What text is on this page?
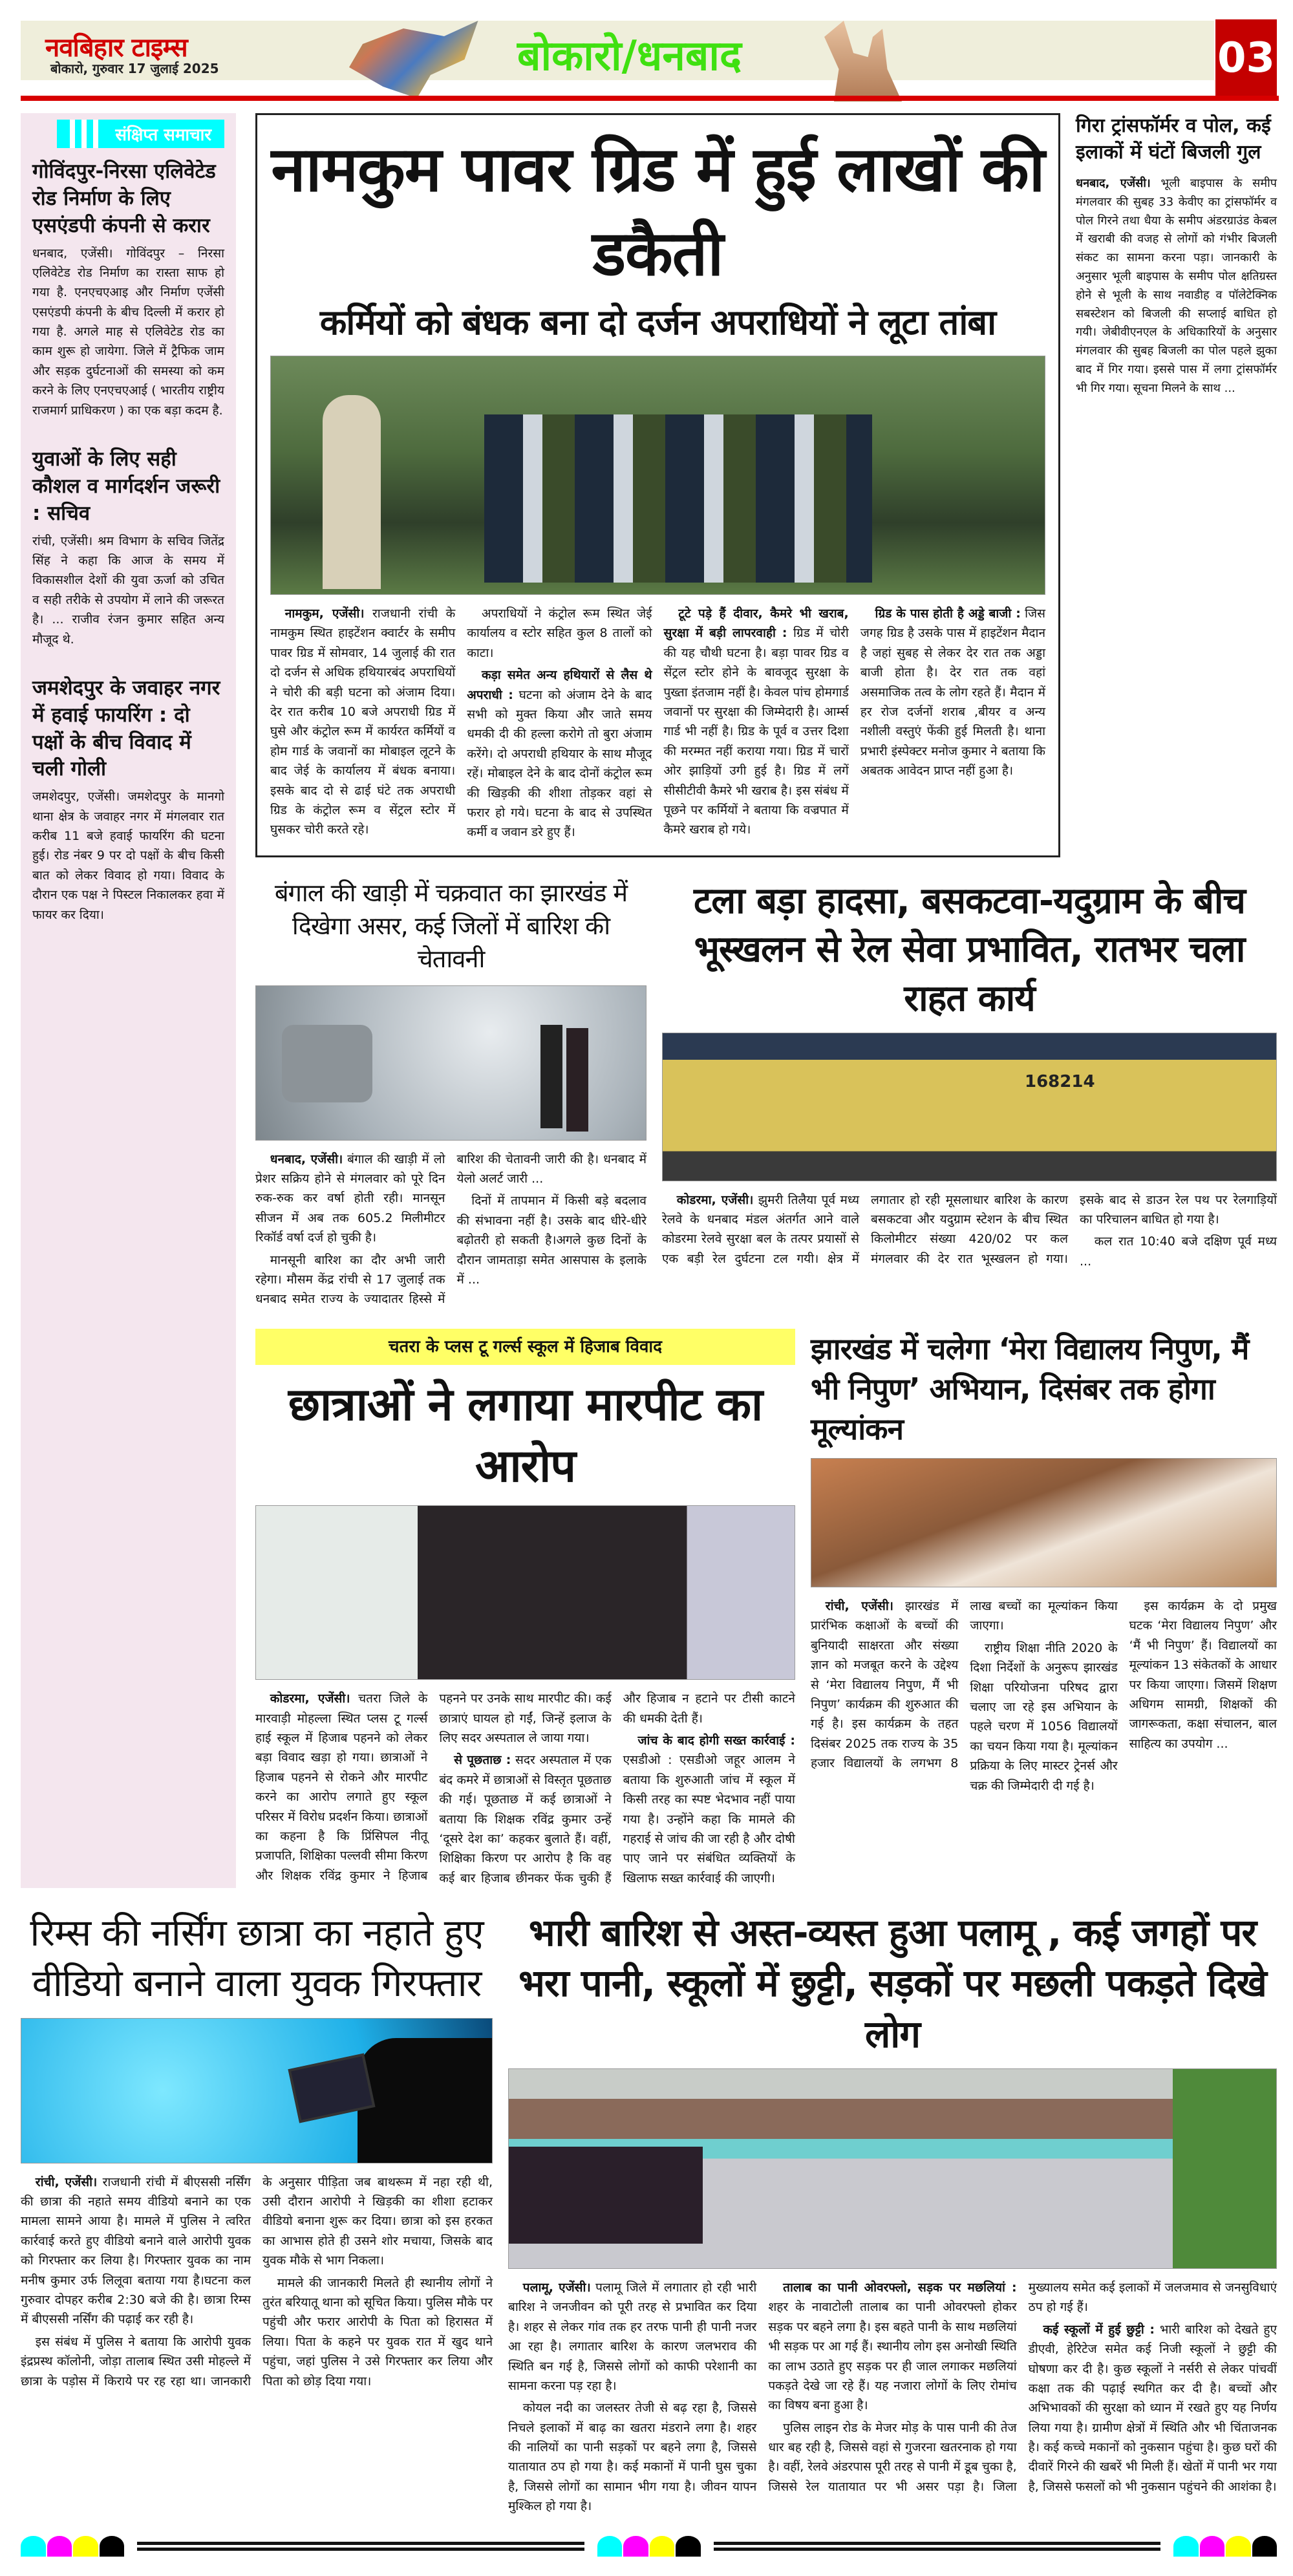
नवबिहार टाइम्स
बोकारो, गुरुवार 17 जुलाई 2025	बोकारो/धनबाद	03
संक्षिप्त समाचार
गोविंदपुर-निरसा एलिवेटेड रोड निर्माण के लिए एसएंडपी कंपनी से करार
धनबाद, एजेंसी। गोविंदपुर – निरसा एलिवेटेड रोड निर्माण का रास्ता साफ हो गया है. एनएचएआइ और निर्माण एजेंसी एसएंडपी कंपनी के बीच दिल्ली में करार हो गया है. अगले माह से एलिवेटेड रोड का काम शुरू हो जायेगा. जिले में ट्रैफिक जाम और सड़क दुर्घटनाओं की समस्या को कम करने के लिए एनएचएआई ( भारतीय राष्ट्रीय राजमार्ग प्राधिकरण ) का एक बड़ा कदम है.
युवाओं के लिए सही कौशल व मार्गदर्शन जरूरी : सचिव
रांची, एजेंसी। श्रम विभाग के सचिव जितेंद्र सिंह ने कहा कि आज के समय में विकासशील देशों की युवा ऊर्जा को उचित व सही तरीके से उपयोग में लाने की जरूरत है। ... राजीव रंजन कुमार सहित अन्य मौजूद थे.
जमशेदपुर के जवाहर नगर में हवाई फायरिंग : दो पक्षों के बीच विवाद में चली गोली
जमशेदपुर, एजेंसी। जमशेदपुर के मानगो थाना क्षेत्र के जवाहर नगर में मंगलवार रात करीब 11 बजे हवाई फायरिंग की घटना हुई। रोड नंबर 9 पर दो पक्षों के बीच किसी बात को लेकर विवाद हो गया। विवाद के दौरान एक पक्ष ने पिस्टल निकालकर हवा में फायर कर दिया।
नामकुम पावर ग्रिड में हुई लाखों की डकैती
कर्मियों को बंधक बना दो दर्जन अपराधियों ने लूटा तांबा

नामकुम, एजेंसी। राजधानी रांची के नामकुम स्थित हाइटेंशन क्वार्टर के समीप पावर ग्रिड में सोमवार, 14 जुलाई की रात दो दर्जन से अधिक हथियारबंद अपराधियों ने चोरी की बड़ी घटना को अंजाम दिया। देर रात करीब 10 बजे अपराधी ग्रिड में घुसे और कंट्रोल रूम में कार्यरत कर्मियों व होम गार्ड के जवानों का मोबाइल लूटने के बाद जेई के कार्यालय में बंधक बनाया। इसके बाद दो से ढाई घंटे तक अपराधी ग्रिड के कंट्रोल रूम व सेंट्रल स्टोर में घुसकर चोरी करते रहे।

अपराधियों ने कंट्रोल रूम स्थित जेई कार्यालय व स्टोर सहित कुल 8 तालों को काटा।

कड़ा समेत अन्य हथियारों से लैस थे अपराधी : घटना को अंजाम देने के बाद सभी को मुक्त किया और जाते समय धमकी दी की हल्ला करोगे तो बुरा अंजाम करेंगे। दो अपराधी हथियार के साथ मौजूद रहें। मोबाइल देने के बाद दोनों कंट्रोल रूम की खिड़की की शीशा तोड़कर वहां से फरार हो गये। घटना के बाद से उपस्थित कर्मी व जवान डरे हुए हैं।

टूटे पड़े हैं दीवार, कैमरे भी खराब, सुरक्षा में बड़ी लापरवाही : ग्रिड में चोरी की यह चौथी घटना है। बड़ा पावर ग्रिड व सेंट्रल स्टोर होने के बावजूद सुरक्षा के पुख्ता इंतजाम नहीं है। केवल पांच होमगार्ड जवानों पर सुरक्षा की जिम्मेदारी है। आर्म्स गार्ड भी नहीं है। ग्रिड के पूर्व व उत्तर दिशा की मरम्मत नहीं कराया गया। ग्रिड में चारों ओर झाड़ियों उगी हुई है। ग्रिड में लगें सीसीटीवी कैमरे भी खराब है। इस संबंध में पूछने पर कर्मियों ने बताया कि वज्रपात में कैमरे खराब हो गये।

ग्रिड के पास होती है अड्डे बाजी : जिस जगह ग्रिड है उसके पास में हाइटेंशन मैदान है जहां सुबह से लेकर देर रात तक अड्डा बाजी होता है। देर रात तक वहां असमाजिक तत्व के लोग रहते हैं। मैदान में हर रोज दर्जनों शराब ,बीयर व अन्य नशीली वस्तुएं फेंकी हुई मिलती है। थाना प्रभारी इंस्पेक्टर मनोज कुमार ने बताया कि अबतक आवेदन प्राप्त नहीं हुआ है।

गिरा ट्रांसफॉर्मर व पोल, कई इलाकों में घंटों बिजली गुल
धनबाद, एजेंसी। भूली बाइपास के समीप मंगलवार की सुबह 33 केवीए का ट्रांसफॉर्मर व पोल गिरने तथा धैया के समीप अंडरग्राउंड केबल में खराबी की वजह से लोगों को गंभीर बिजली संकट का सामना करना पड़ा। जानकारी के अनुसार भूली बाइपास के समीप पोल क्षतिग्रस्त होने से भूली के साथ नवाडीह व पॉलेटेक्निक सबस्टेशन को बिजली की सप्लाई बाधित हो गयी। जेबीवीएनएल के अधिकारियों के अनुसार मंगलवार की सुबह बिजली का पोल पहले झुका बाद में गिर गया। इससे पास में लगा ट्रांसफॉर्मर भी गिर गया। सूचना मिलने के साथ ...
बंगाल की खाड़ी में चक्रवात का झारखंड में दिखेगा असर, कई जिलों में बारिश की चेतावनी

धनबाद, एजेंसी। बंगाल की खाड़ी में लो प्रेशर सक्रिय होने से मंगलवार को पूरे दिन रुक-रुक कर वर्षा होती रही। मानसून सीजन में अब तक 605.2 मिलीमीटर रिकॉर्ड वर्षा दर्ज हो चुकी है।

मानसूनी बारिश का दौर अभी जारी रहेगा। मौसम केंद्र रांची से 17 जुलाई तक धनबाद समेत राज्य के ज्यादातर हिस्से में बारिश की चेतावनी जारी की है। धनबाद में येलो अलर्ट जारी ...

दिनों में तापमान में किसी बड़े बदलाव की संभावना नहीं है। उसके बाद धीरे-धीरे बढ़ोतरी हो सकती है।अगले कुछ दिनों के दौरान जामताड़ा समेत आसपास के इलाके में ...

टला बड़ा हादसा, बसकटवा-यदुग्राम के बीच भूस्खलन से रेल सेवा प्रभावित, रातभर चला राहत कार्य
168214

कोडरमा, एजेंसी। झुमरी तिलैया पूर्व मध्य रेलवे के धनबाद मंडल अंतर्गत आने वाले कोडरमा रेलवे सुरक्षा बल के तत्पर प्रयासों से एक बड़ी रेल दुर्घटना टल गयी। क्षेत्र में लगातार हो रही मूसलाधार बारिश के कारण बसकटवा और यदुग्राम स्टेशन के बीच स्थित किलोमीटर संख्या 420/02 पर कल मंगलवार की देर रात भूस्खलन हो गया। इसके बाद से डाउन रेल पथ पर रेलगाड़ियों का परिचालन बाधित हो गया है।

कल रात 10:40 बजे दक्षिण पूर्व मध्य ...

चतरा के प्लस टू गर्ल्स स्कूल में हिजाब विवाद
छात्राओं ने लगाया मारपीट का आरोप

कोडरमा, एजेंसी। चतरा जिले के मारवाड़ी मोहल्ला स्थित प्लस टू गर्ल्स हाई स्कूल में हिजाब पहनने को लेकर बड़ा विवाद खड़ा हो गया। छात्राओं ने हिजाब पहनने से रोकने और मारपीट करने का आरोप लगाते हुए स्कूल परिसर में विरोध प्रदर्शन किया। छात्राओं का कहना है कि प्रिंसिपल नीतू प्रजापति, शिक्षिका पल्लवी सीमा किरण और शिक्षक रविंद्र कुमार ने हिजाब पहनने पर उनके साथ मारपीट की। कई छात्राएं घायल हो गईं, जिन्हें इलाज के लिए सदर अस्पताल ले जाया गया।

से पूछताछ : सदर अस्पताल में एक बंद कमरे में छात्राओं से विस्तृत पूछताछ की गई। पूछताछ में कई छात्राओं ने बताया कि शिक्षक रविंद्र कुमार उन्हें ‘दूसरे देश का’ कहकर बुलाते हैं। वहीं, शिक्षिका किरण पर आरोप है कि वह कई बार हिजाब छीनकर फेंक चुकी हैं और हिजाब न हटाने पर टीसी काटने की धमकी देती हैं।

जांच के बाद होगी सख्त कार्रवाई : एसडीओ : एसडीओ जहूर आलम ने बताया कि शुरुआती जांच में स्कूल में किसी तरह का स्पष्ट भेदभाव नहीं पाया गया है। उन्होंने कहा कि मामले की गहराई से जांच की जा रही है और दोषी पाए जाने पर संबंधित व्यक्तियों के खिलाफ सख्त कार्रवाई की जाएगी।

झारखंड में चलेगा ‘मेरा विद्यालय निपुण, मैं भी निपुण’ अभियान, दिसंबर तक होगा मूल्यांकन

रांची, एजेंसी। झारखंड में प्रारंभिक कक्षाओं के बच्चों की बुनियादी साक्षरता और संख्या ज्ञान को मजबूत करने के उद्देश्य से ‘मेरा विद्यालय निपुण, मैं भी निपुण’ कार्यक्रम की शुरुआत की गई है। इस कार्यक्रम के तहत दिसंबर 2025 तक राज्य के 35 हजार विद्यालयों के लगभग 8 लाख बच्चों का मूल्यांकन किया जाएगा।

राष्ट्रीय शिक्षा नीति 2020 के दिशा निर्देशों के अनुरूप झारखंड शिक्षा परियोजना परिषद द्वारा चलाए जा रहे इस अभियान के पहले चरण में 1056 विद्यालयों का चयन किया गया है। मूल्यांकन प्रक्रिया के लिए मास्टर ट्रेनर्स और चक्र की जिम्मेदारी दी गई है।

इस कार्यक्रम के दो प्रमुख घटक ‘मेरा विद्यालय निपुण’ और ‘मैं भी निपुण’ हैं। विद्यालयों का मूल्यांकन 13 संकेतकों के आधार पर किया जाएगा। जिसमें शिक्षण अधिगम सामग्री, शिक्षकों की जागरूकता, कक्षा संचालन, बाल साहित्य का उपयोग ...

रिम्स की नर्सिंग छात्रा का नहाते हुए वीडियो बनाने वाला युवक गिरफ्तार

रांची, एजेंसी। राजधानी रांची में बीएससी नर्सिंग की छात्रा की नहाते समय वीडियो बनाने का एक मामला सामने आया है। मामले में पुलिस ने त्वरित कार्रवाई करते हुए वीडियो बनाने वाले आरोपी युवक को गिरफ्तार कर लिया है। गिरफ्तार युवक का नाम मनीष कुमार उर्फ लिलूवा बताया गया है।घटना कल गुरुवार दोपहर करीब 2:30 बजे की है। छात्रा रिम्स में बीएससी नर्सिंग की पढ़ाई कर रही है।

इस संबंध में पुलिस ने बताया कि आरोपी युवक इंद्रप्रस्थ कॉलोनी, जोड़ा तालाब स्थित उसी मोहल्ले में छात्रा के पड़ोस में किराये पर रह रहा था। जानकारी के अनुसार पीड़िता जब बाथरूम में नहा रही थी, उसी दौरान आरोपी ने खिड़की का शीशा हटाकर वीडियो बनाना शुरू कर दिया। छात्रा को इस हरकत का आभास होते ही उसने शोर मचाया, जिसके बाद युवक मौके से भाग निकला।

मामले की जानकारी मिलते ही स्थानीय लोगों ने तुरंत बरियातू थाना को सूचित किया। पुलिस मौके पर पहुंची और फरार आरोपी के पिता को हिरासत में लिया। पिता के कहने पर युवक रात में खुद थाने पहुंचा, जहां पुलिस ने उसे गिरफ्तार कर लिया और पिता को छोड़ दिया गया।

भारी बारिश से अस्त-व्यस्त हुआ पलामू , कई जगहों पर भरा पानी, स्कूलों में छुट्टी, सड़कों पर मछली पकड़ते दिखे लोग

पलामू, एजेंसी। पलामू जिले में लगातार हो रही भारी बारिश ने जनजीवन को पूरी तरह से प्रभावित कर दिया है। शहर से लेकर गांव तक हर तरफ पानी ही पानी नजर आ रहा है। लगातार बारिश के कारण जलभराव की स्थिति बन गई है, जिससे लोगों को काफी परेशानी का सामना करना पड़ रहा है।

कोयल नदी का जलस्तर तेजी से बढ़ रहा है, जिससे निचले इलाकों में बाढ़ का खतरा मंडराने लगा है। शहर की नालियों का पानी सड़कों पर बहने लगा है, जिससे यातायात ठप हो गया है। कई मकानों में पानी घुस चुका है, जिससे लोगों का सामान भीग गया है। जीवन यापन मुश्किल हो गया है।

तालाब का पानी ओवरफ्लो, सड़क पर मछलियां : शहर के नावाटोली तालाब का पानी ओवरफ्लो होकर सड़क पर बहने लगा है। इस बहते पानी के साथ मछलियां भी सड़क पर आ गई हैं। स्थानीय लोग इस अनोखी स्थिति का लाभ उठाते हुए सड़क पर ही जाल लगाकर मछलियां पकड़ते देखे जा रहे हैं। यह नजारा लोगों के लिए रोमांच का विषय बना हुआ है।

पुलिस लाइन रोड के मेजर मोड़ के पास पानी की तेज धार बह रही है, जिससे वहां से गुजरना खतरनाक हो गया है। वहीं, रेलवे अंडरपास पूरी तरह से पानी में डूब चुका है, जिससे रेल यातायात पर भी असर पड़ा है। जिला मुख्यालय समेत कई इलाकों में जलजमाव से जनसुविधाएं ठप हो गई हैं।

कई स्कूलों में हुई छुट्टी : भारी बारिश को देखते हुए डीएवी, हेरिटेज समेत कई निजी स्कूलों ने छुट्टी की घोषणा कर दी है। कुछ स्कूलों ने नर्सरी से लेकर पांचवीं कक्षा तक की पढ़ाई स्थगित कर दी है। बच्चों और अभिभावकों की सुरक्षा को ध्यान में रखते हुए यह निर्णय लिया गया है। ग्रामीण क्षेत्रों में स्थिति और भी चिंताजनक है। कई कच्चे मकानों को नुकसान पहुंचा है। कुछ घरों की दीवारें गिरने की खबरें भी मिली हैं। खेतों में पानी भर गया है, जिससे फसलों को भी नुकसान पहुंचने की आशंका है।
